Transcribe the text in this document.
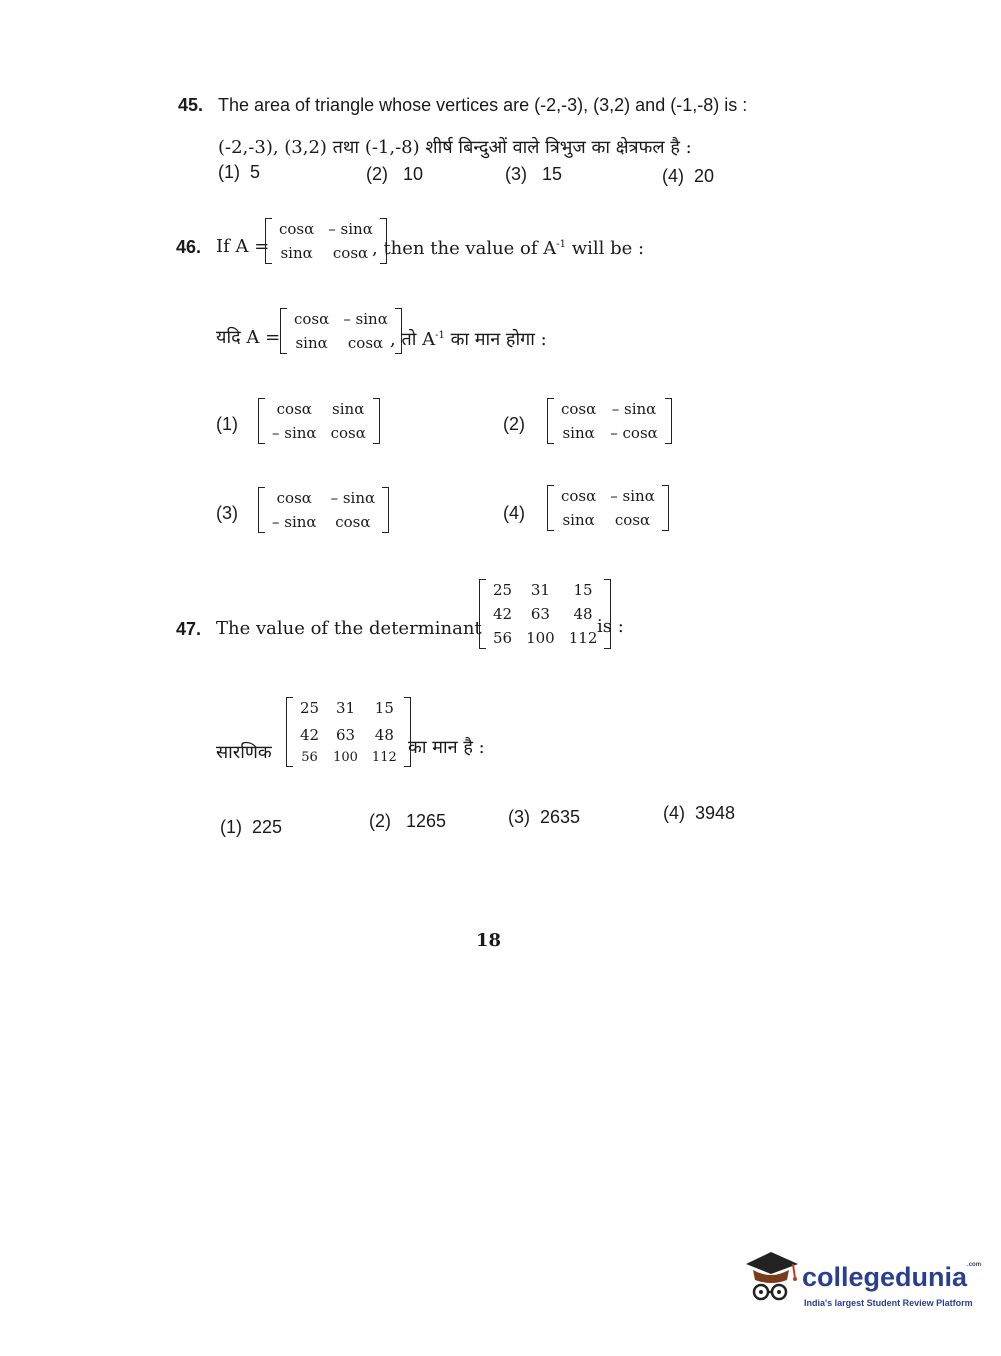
45. The area of triangle whose vertices are (-2,-3), (3,2) and (-1,-8) is :
(-2,-3), (3,2) तथा (-1,-8) शीर्ष बिन्दुओं वाले त्रिभुज का क्षेत्रफल है :
(1) 5	(2) 10	(3) 15	(4) 20
46. If A =
cosα	– sinα
sinα	cosα , then the value of $A^{-1}$ will be :
यदि A =
cosα	– sinα
sinα	cosα , तो $A^{-1}$ का मान होगा :
(1)
cosα	sinα
– sinα	cosα	(2)
cosα	– sinα
sinα	– cosα
(3)
cosα	– sinα
– sinα	cosα	(4)
cosα	– sinα
sinα	cosα
47. The value of the determinant
25	31	15
42	63	48
56	100	112
is :
सारणिक
25	31	15
42	63	48
56	100	112 का मान है :
(1) 225	(2) 1265	(3) 2635	(4) 3948
18
collegedunia$^{.com}$
India's largest Student Review Platform
